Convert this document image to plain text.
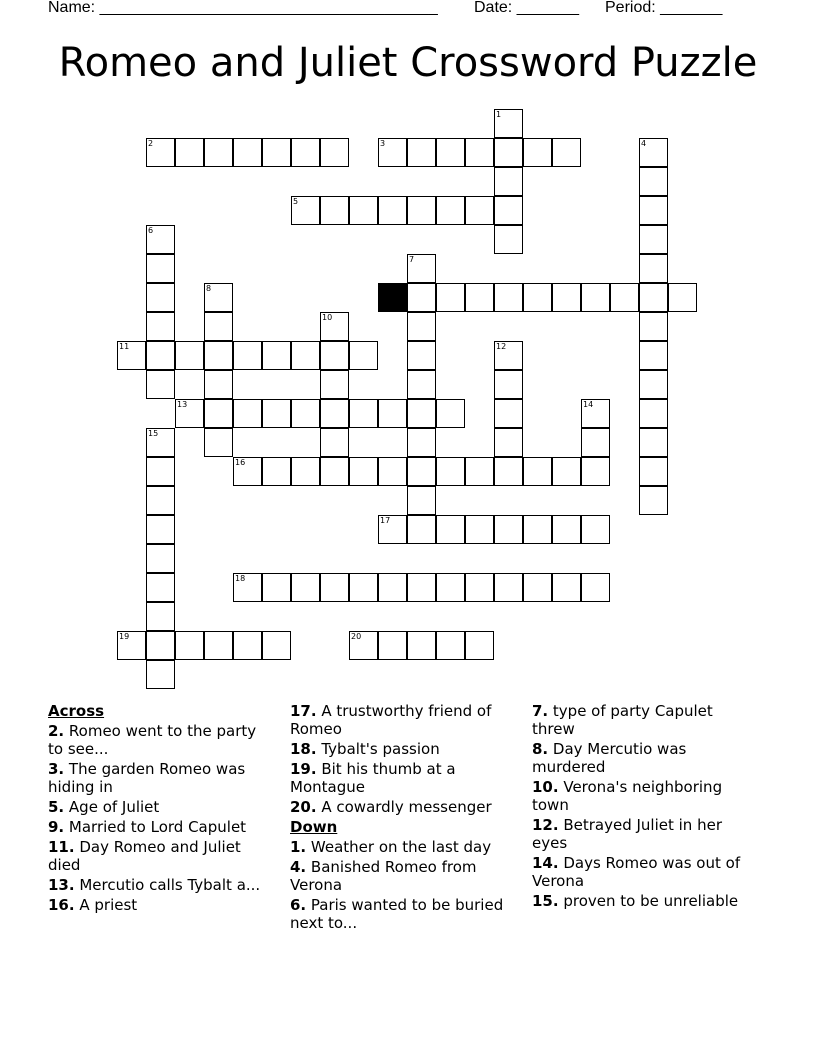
Name: ______________________________________ Date: _______ Period: _______
Romeo and Juliet Crossword Puzzle
2	3
5
9
11
13
16
17
18
19	20
1
4
6
7
8
10
12
14
15
Across
2. Romeo went to the party to see...
3. The garden Romeo was hiding in
5. Age of Juliet
9. Married to Lord Capulet
11. Day Romeo and Juliet died
13. Mercutio calls Tybalt a...
16. A priest
17. A trustworthy friend of Romeo
18. Tybalt's passion
19. Bit his thumb at a Montague
20. A cowardly messenger
Down
1. Weather on the last day
4. Banished Romeo from Verona
6. Paris wanted to be buried next to...
7. type of party Capulet threw
8. Day Mercutio was murdered
10. Verona's neighboring town
12. Betrayed Juliet in her eyes
14. Days Romeo was out of Verona
15. proven to be unreliable
